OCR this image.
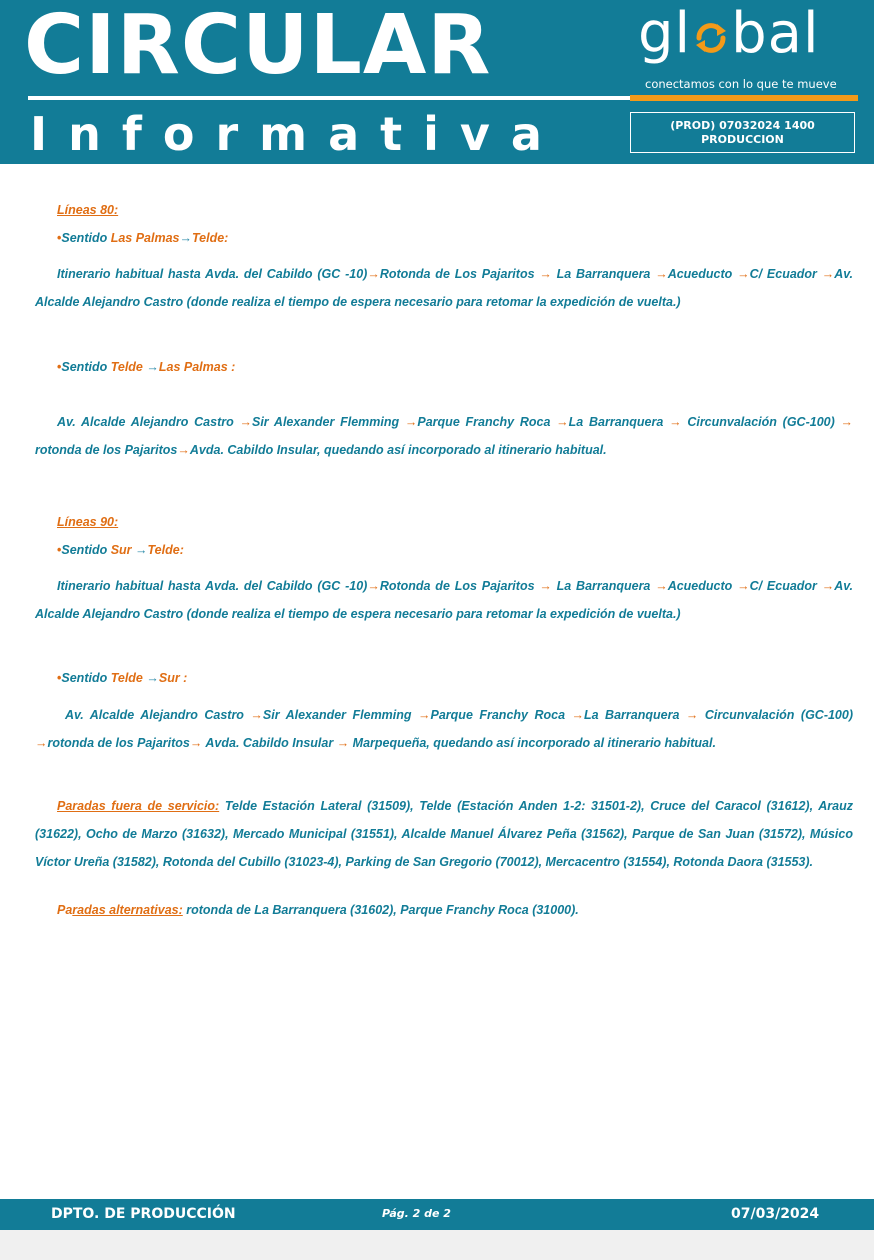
CIRCULAR
Informativa
gl bal
conectamos con lo que te mueve
(PROD) 07032024 1400
PRODUCCION
Líneas 80:
•Sentido Las Palmas→Telde:
Itinerario habitual hasta Avda. del Cabildo (GC -10)→Rotonda de Los Pajaritos → La Barranquera →Acueducto →C/ Ecuador →Av. Alcalde Alejandro Castro (donde realiza el tiempo de espera necesario para retomar la expedición de vuelta.)
•Sentido Telde →Las Palmas :
Av. Alcalde Alejandro Castro →Sir Alexander Flemming →Parque Franchy Roca →La Barranquera → Circunvalación (GC-100) → rotonda de los Pajaritos→Avda. Cabildo Insular, quedando así incorporado al itinerario habitual.
Líneas 90:
•Sentido Sur →Telde:
Itinerario habitual hasta Avda. del Cabildo (GC -10)→Rotonda de Los Pajaritos → La Barranquera →Acueducto →C/ Ecuador →Av. Alcalde Alejandro Castro (donde realiza el tiempo de espera necesario para retomar la expedición de vuelta.)
•Sentido Telde →Sur :
Av. Alcalde Alejandro Castro →Sir Alexander Flemming →Parque Franchy Roca →La Barranquera → Circunvalación (GC-100) →rotonda de los Pajaritos→ Avda. Cabildo Insular → Marpequeña, quedando así incorporado al itinerario habitual.
Paradas fuera de servicio: Telde Estación Lateral (31509), Telde (Estación Anden 1-2: 31501-2), Cruce del Caracol (31612), Arauz (31622), Ocho de Marzo (31632), Mercado Municipal (31551), Alcalde Manuel Álvarez Peña (31562), Parque de San Juan (31572), Músico Víctor Ureña (31582), Rotonda del Cubillo (31023-4), Parking de San Gregorio (70012), Mercacentro (31554), Rotonda Daora (31553).
Paradas alternativas: rotonda de La Barranquera (31602), Parque Franchy Roca (31000).
DPTO. DE PRODUCCIÓN	Pág. 2 de 2	07/03/2024
